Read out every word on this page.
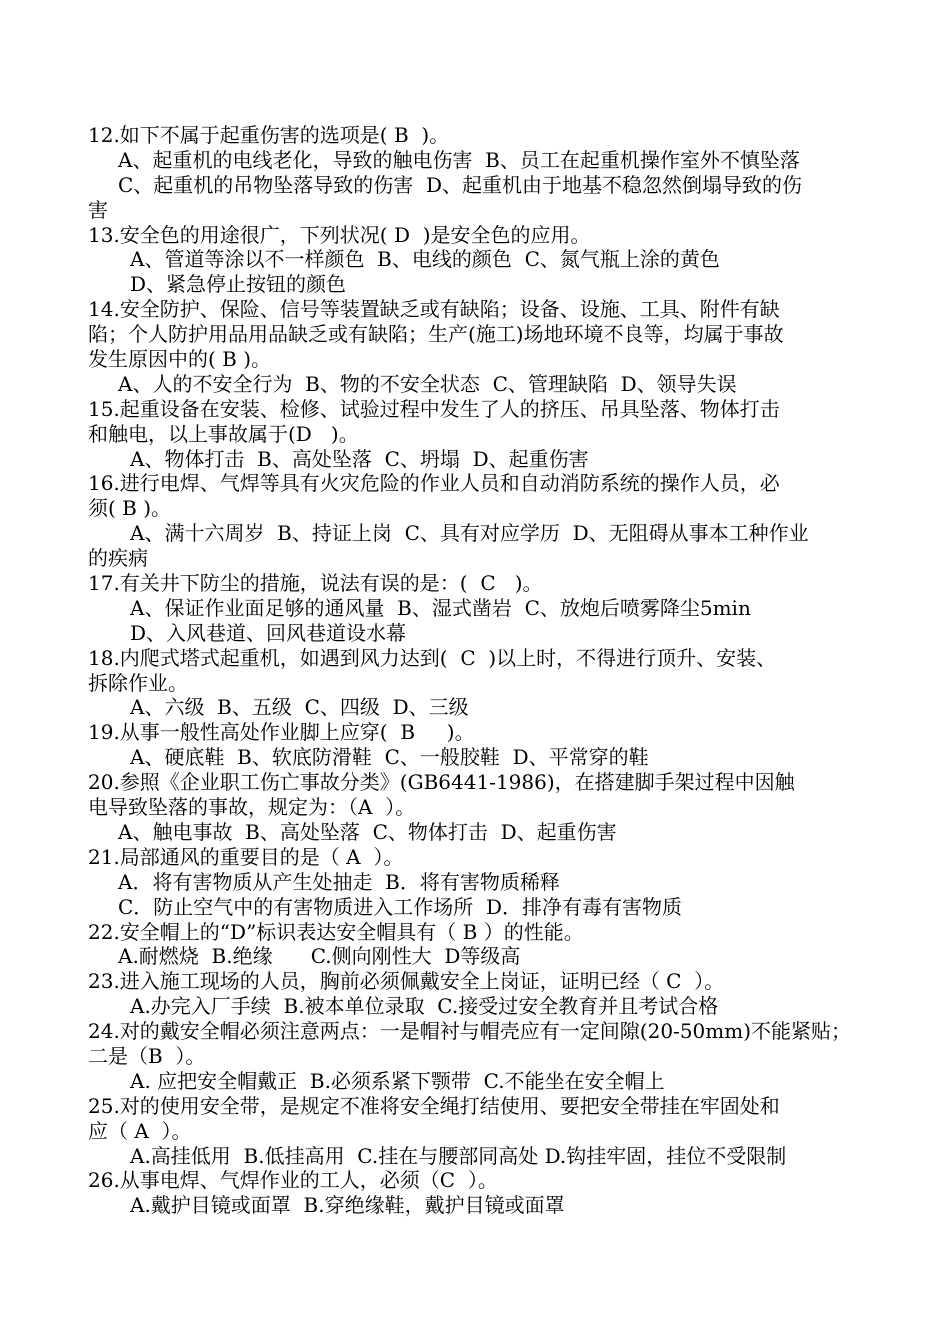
12.如下不属于起重伤害的选项是( B  )。
A、起重机的电线老化，导致的触电伤害  B、员工在起重机操作室外不慎坠落
C、起重机的吊物坠落导致的伤害  D、起重机由于地基不稳忽然倒塌导致的伤
害
13.安全色的用途很广，下列状况( D  )是安全色的应用。
A、管道等涂以不一样颜色  B、电线的颜色  C、氮气瓶上涂的黄色
D、紧急停止按钮的颜色
14.安全防护、保险、信号等装置缺乏或有缺陷；设备、设施、工具、附件有缺
陷；个人防护用品用品缺乏或有缺陷；生产(施工)场地环境不良等，均属于事故
发生原因中的( B )。
A、人的不安全行为  B、物的不安全状态  C、管理缺陷  D、领导失误
15.起重设备在安装、检修、试验过程中发生了人的挤压、吊具坠落、物体打击
和触电，以上事故属于(D   )。
A、物体打击  B、高处坠落  C、坍塌  D、起重伤害
16.进行电焊、气焊等具有火灾危险的作业人员和自动消防系统的操作人员，必
须( B )。
A、满十六周岁  B、持证上岗  C、具有对应学历  D、无阻碍从事本工种作业
的疾病
17.有关井下防尘的措施，说法有误的是：(  C   )。
A、保证作业面足够的通风量  B、湿式凿岩  C、放炮后喷雾降尘5min
D、入风巷道、回风巷道设水幕
18.内爬式塔式起重机，如遇到风力达到(  C  )以上时，不得进行顶升、安装、
拆除作业。
A、六级  B、五级  C、四级  D、三级
19.从事一般性高处作业脚上应穿(  B     )。
A、硬底鞋  B、软底防滑鞋  C、一般胶鞋  D、平常穿的鞋
20.参照《企业职工伤亡事故分类》(GB6441-1986)，在搭建脚手架过程中因触
电导致坠落的事故，规定为：（A  ）。
A、触电事故  B、高处坠落  C、物体打击  D、起重伤害
21.局部通风的重要目的是（ A  ）。
A．将有害物质从产生处抽走  B．将有害物质稀释
C．防止空气中的有害物质进入工作场所  D．排净有毒有害物质
22.安全帽上的“D”标识表达安全帽具有（ B ）的性能。
A.耐燃烧  B.绝缘      C.侧向刚性大  D等级高
23.进入施工现场的人员，胸前必须佩戴安全上岗证，证明已经（ C  ）。
A.办完入厂手续  B.被本单位录取  C.接受过安全教育并且考试合格
24.对的戴安全帽必须注意两点：一是帽衬与帽壳应有一定间隙(20-50mm)不能紧贴；
二是（B  ）。
A. 应把安全帽戴正  B.必须系紧下颚带  C.不能坐在安全帽上
25.对的使用安全带，是规定不准将安全绳打结使用、要把安全带挂在牢固处和
应（ A  ）。
A.高挂低用  B.低挂高用  C.挂在与腰部同高处 D.钩挂牢固，挂位不受限制
26.从事电焊、气焊作业的工人，必须（C  ）。
A.戴护目镜或面罩  B.穿绝缘鞋，戴护目镜或面罩
